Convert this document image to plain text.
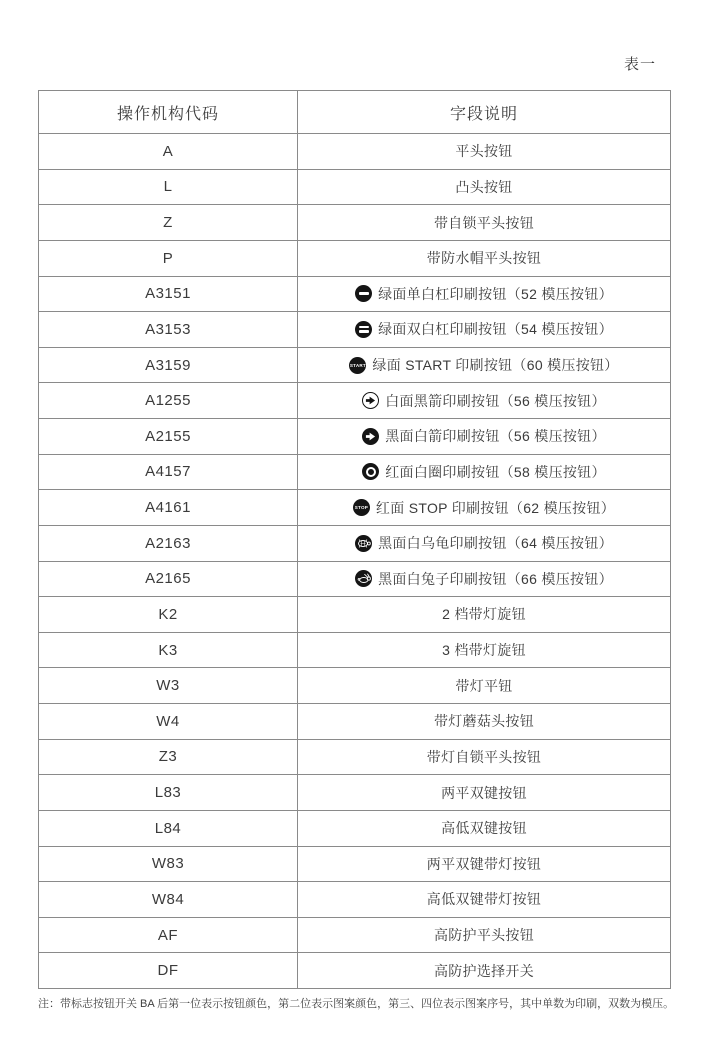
表一
操作机构代码	字段说明
A	平头按钮
L	凸头按钮
Z	带自锁平头按钮
P	带防水帽平头按钮
A3151	绿面单白杠印刷按钮（52 模压按钮）
A3153	绿面双白杠印刷按钮（54 模压按钮）
A3159	START 绿面 START 印刷按钮（60 模压按钮）
A1255	白面黑箭印刷按钮（56 模压按钮）
A2155	黑面白箭印刷按钮（56 模压按钮）
A4157	红面白圈印刷按钮（58 模压按钮）
A4161	STOP 红面 STOP 印刷按钮（62 模压按钮）
A2163	黑面白乌龟印刷按钮（64 模压按钮）
A2165	黑面白兔子印刷按钮（66 模压按钮）
K2	2 档带灯旋钮
K3	3 档带灯旋钮
W3	带灯平钮
W4	带灯蘑菇头按钮
Z3	带灯自锁平头按钮
L83	两平双键按钮
L84	高低双键按钮
W83	两平双键带灯按钮
W84	高低双键带灯按钮
AF	高防护平头按钮
DF	高防护选择开关
注：带标志按钮开关 BA 后第一位表示按钮颜色，第二位表示图案颜色，第三、四位表示图案序号，其中单数为印刷，双数为模压。
